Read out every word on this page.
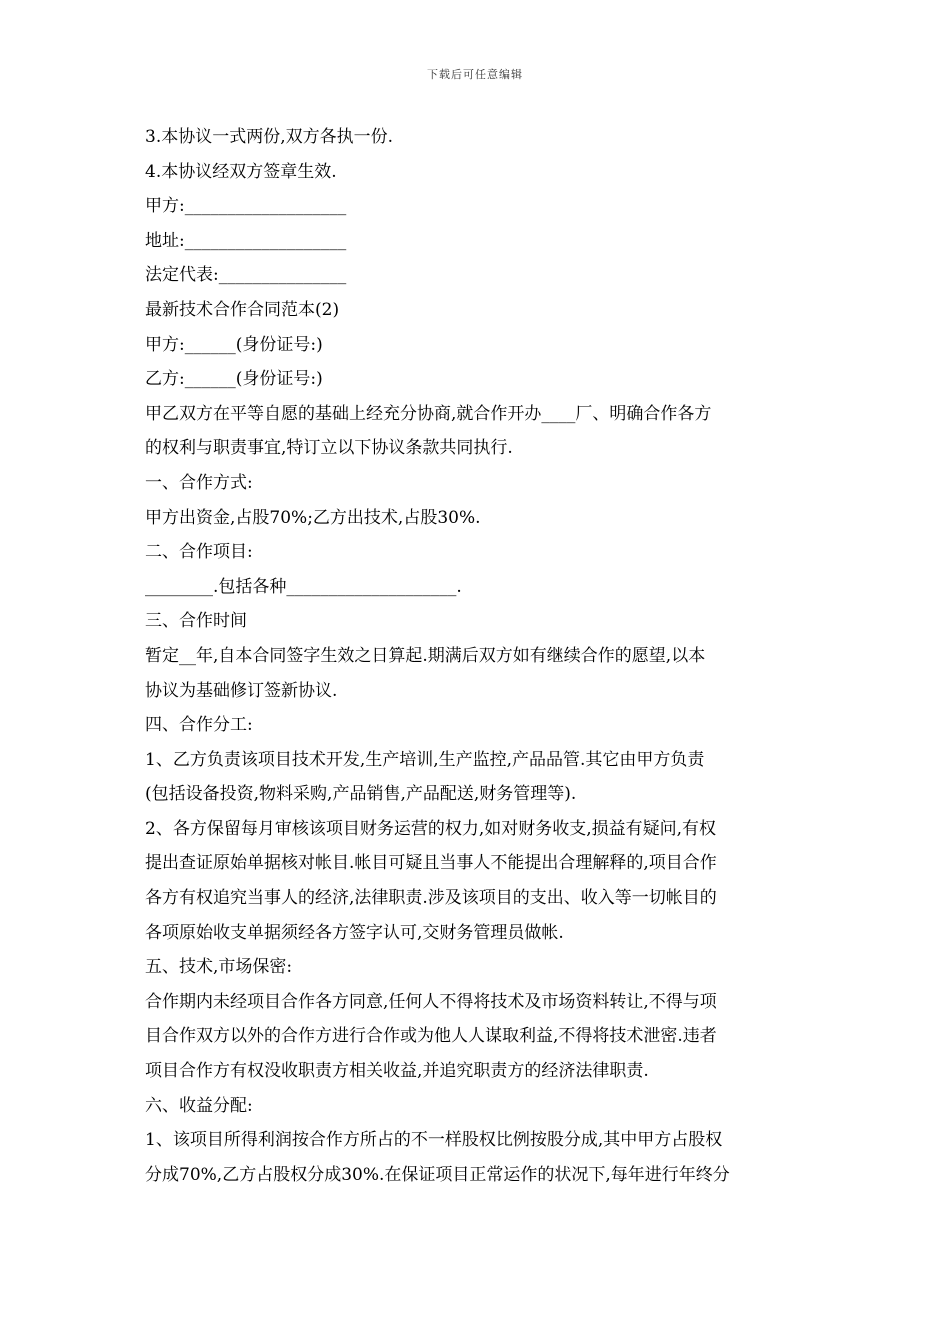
下载后可任意编辑
3.本协议一式两份,双方各执一份.
4.本协议经双方签章生效.
甲方:___________________
地址:___________________
法定代表:_______________
最新技术合作合同范本(2)
甲方:______(身份证号:)
乙方:______(身份证号:)
甲乙双方在平等自愿的基础上经充分协商,就合作开办____厂、明确合作各方
的权利与职责事宜,特订立以下协议条款共同执行.
一、合作方式:
甲方出资金,占股70%;乙方出技术,占股30%.
二、合作项目:
________.包括各种____________________.
三、合作时间
暂定__年,自本合同签字生效之日算起.期满后双方如有继续合作的愿望,以本
协议为基础修订签新协议.
四、合作分工:
1、乙方负责该项目技术开发,生产培训,生产监控,产品品管.其它由甲方负责
(包括设备投资,物料采购,产品销售,产品配送,财务管理等).
2、各方保留每月审核该项目财务运营的权力,如对财务收支,损益有疑问,有权
提出查证原始单据核对帐目.帐目可疑且当事人不能提出合理解释的,项目合作
各方有权追究当事人的经济,法律职责.涉及该项目的支出、收入等一切帐目的
各项原始收支单据须经各方签字认可,交财务管理员做帐.
五、技术,市场保密:
合作期内未经项目合作各方同意,任何人不得将技术及市场资料转让,不得与项
目合作双方以外的合作方进行合作或为他人人谋取利益,不得将技术泄密.违者
项目合作方有权没收职责方相关收益,并追究职责方的经济法律职责.
六、收益分配:
1、该项目所得利润按合作方所占的不一样股权比例按股分成,其中甲方占股权
分成70%,乙方占股权分成30%.在保证项目正常运作的状况下,每年进行年终分
